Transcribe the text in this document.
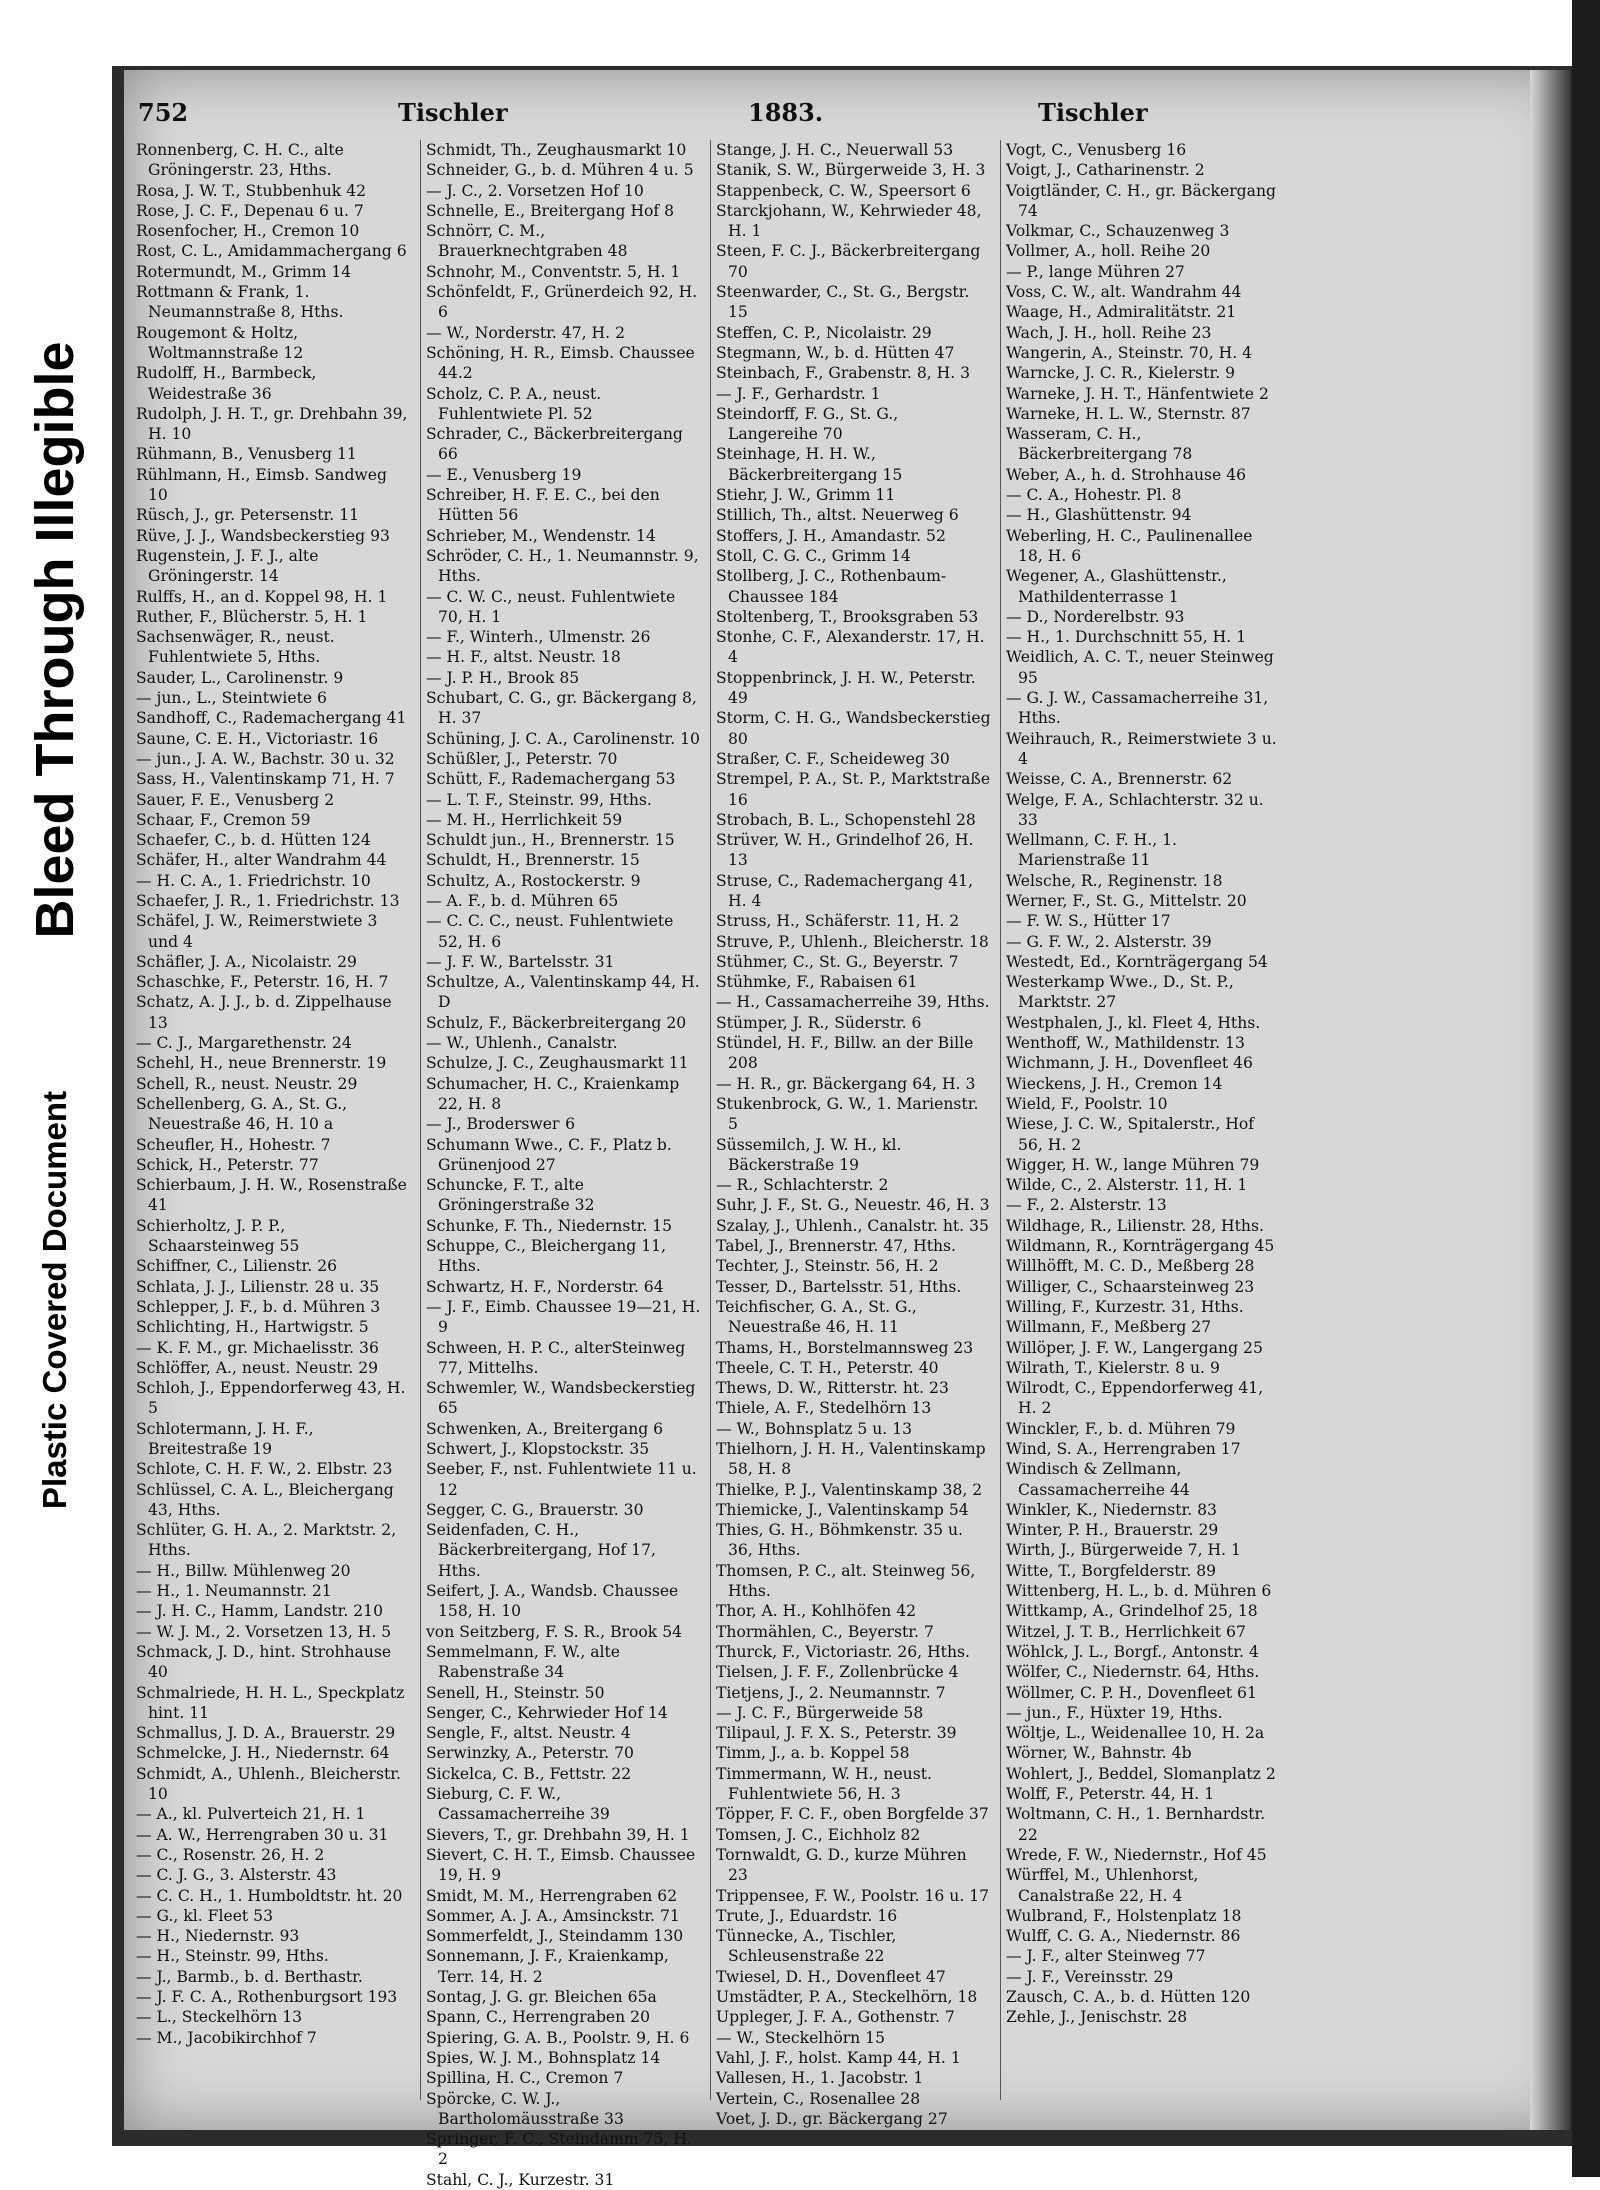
Bleed Through Illegible
Plastic Covered Document
752	Tischler	1883.	Tischler

Ronnenberg, C. H. C., alte Gröningerstr. 23, Hths.

Rosa, J. W. T., Stubbenhuk 42

Rose, J. C. F., Depenau 6 u. 7

Rosenfocher, H., Cremon 10

Rost, C. L., Amidammachergang 6

Rotermundt, M., Grimm 14

Rottmann & Frank, 1. Neumannstraße 8, Hths.

Rougemont & Holtz, Woltmannstraße 12

Rudolff, H., Barmbeck, Weidestraße 36

Rudolph, J. H. T., gr. Drehbahn 39, H. 10

Rühmann, B., Venusberg 11

Rühlmann, H., Eimsb. Sandweg 10

Rüsch, J., gr. Petersenstr. 11

Rüve, J. J., Wandsbeckerstieg 93

Rugenstein, J. F. J., alte Gröningerstr. 14

Rulffs, H., an d. Koppel 98, H. 1

Ruther, F., Blücherstr. 5, H. 1

Sachsenwäger, R., neust. Fuhlentwiete 5, Hths.

Sauder, L., Carolinenstr. 9

— jun., L., Steintwiete 6

Sandhoff, C., Rademachergang 41

Saune, C. E. H., Victoriastr. 16

— jun., J. A. W., Bachstr. 30 u. 32

Sass, H., Valentinskamp 71, H. 7

Sauer, F. E., Venusberg 2

Schaar, F., Cremon 59

Schaefer, C., b. d. Hütten 124

Schäfer, H., alter Wandrahm 44

— H. C. A., 1. Friedrichstr. 10

Schaefer, J. R., 1. Friedrichstr. 13

Schäfel, J. W., Reimerstwiete 3 und 4

Schäfler, J. A., Nicolaistr. 29

Schaschke, F., Peterstr. 16, H. 7

Schatz, A. J. J., b. d. Zippelhause 13

— C. J., Margarethenstr. 24

Schehl, H., neue Brennerstr. 19

Schell, R., neust. Neustr. 29

Schellenberg, G. A., St. G., Neuestraße 46, H. 10 a

Scheufler, H., Hohestr. 7

Schick, H., Peterstr. 77

Schierbaum, J. H. W., Rosenstraße 41

Schierholtz, J. P. P., Schaarsteinweg 55

Schiffner, C., Lilienstr. 26

Schlata, J. J., Lilienstr. 28 u. 35

Schlepper, J. F., b. d. Mühren 3

Schlichting, H., Hartwigstr. 5

— K. F. M., gr. Michaelisstr. 36

Schlöffer, A., neust. Neustr. 29

Schloh, J., Eppendorferweg 43, H. 5

Schlotermann, J. H. F., Breitestraße 19

Schlote, C. H. F. W., 2. Elbstr. 23

Schlüssel, C. A. L., Bleichergang 43, Hths.

Schlüter, G. H. A., 2. Marktstr. 2, Hths.

— H., Billw. Mühlenweg 20

— H., 1. Neumannstr. 21

— J. H. C., Hamm, Landstr. 210

— W. J. M., 2. Vorsetzen 13, H. 5

Schmack, J. D., hint. Strohhause 40

Schmalriede, H. H. L., Speckplatz hint. 11

Schmallus, J. D. A., Brauerstr. 29

Schmelcke, J. H., Niedernstr. 64

Schmidt, A., Uhlenh., Bleicherstr. 10

— A., kl. Pulverteich 21, H. 1

— A. W., Herrengraben 30 u. 31

— C., Rosenstr. 26, H. 2

— C. J. G., 3. Alsterstr. 43

— C. C. H., 1. Humboldtstr. ht. 20

— G., kl. Fleet 53

— H., Niedernstr. 93

— H., Steinstr. 99, Hths.

— J., Barmb., b. d. Berthastr.

— J. F. C. A., Rothenburgsort 193

— L., Steckelhörn 13

— M., Jacobikirchhof 7

Schmidt, Th., Zeughausmarkt 10

Schneider, G., b. d. Mühren 4 u. 5

— J. C., 2. Vorsetzen Hof 10

Schnelle, E., Breitergang Hof 8

Schnörr, C. M., Brauerknechtgraben 48

Schnohr, M., Conventstr. 5, H. 1

Schönfeldt, F., Grünerdeich 92, H. 6

— W., Norderstr. 47, H. 2

Schöning, H. R., Eimsb. Chaussee 44.2

Scholz, C. P. A., neust. Fuhlentwiete Pl. 52

Schrader, C., Bäckerbreitergang 66

— E., Venusberg 19

Schreiber, H. F. E. C., bei den Hütten 56

Schrieber, M., Wendenstr. 14

Schröder, C. H., 1. Neumannstr. 9, Hths.

— C. W. C., neust. Fuhlentwiete 70, H. 1

— F., Winterh., Ulmenstr. 26

— H. F., altst. Neustr. 18

— J. P. H., Brook 85

Schubart, C. G., gr. Bäckergang 8, H. 37

Schüning, J. C. A., Carolinenstr. 10

Schüßler, J., Peterstr. 70

Schütt, F., Rademachergang 53

— L. T. F., Steinstr. 99, Hths.

— M. H., Herrlichkeit 59

Schuldt jun., H., Brennerstr. 15

Schuldt, H., Brennerstr. 15

Schultz, A., Rostockerstr. 9

— A. F., b. d. Mühren 65

— C. C. C., neust. Fuhlentwiete 52, H. 6

— J. F. W., Bartelsstr. 31

Schultze, A., Valentinskamp 44, H. D

Schulz, F., Bäckerbreitergang 20

— W., Uhlenh., Canalstr.

Schulze, J. C., Zeughausmarkt 11

Schumacher, H. C., Kraienkamp 22, H. 8

— J., Broderswег 6

Schumann Wwe., C. F., Platz b. Grünenjood 27

Schuncke, F. T., alte Gröningerstraße 32

Schunke, F. Th., Niedernstr. 15

Schuppe, C., Bleichergang 11, Hths.

Schwartz, H. F., Norderstr. 64

— J. F., Eimb. Chaussee 19—21, H. 9

Schween, H. P. C., alterSteinweg 77, Mittelhs.

Schwemler, W., Wandsbeckerstieg 65

Schwenken, A., Breitergang 6

Schwert, J., Klopstockstr. 35

Seeber, F., nst. Fuhlentwiete 11 u. 12

Segger, C. G., Brauerstr. 30

Seidenfaden, C. H., Bäckerbreitergang, Hof 17, Hths.

Seifert, J. A., Wandsb. Chaussee 158, H. 10

von Seitzberg, F. S. R., Brook 54

Semmelmann, F. W., alte Rabenstraße 34

Senell, H., Steinstr. 50

Senger, C., Kehrwieder Hof 14

Sengle, F., altst. Neustr. 4

Serwinzky, A., Peterstr. 70

Sickelca, C. B., Fettstr. 22

Sieburg, C. F. W., Cassamacherreihe 39

Sievers, T., gr. Drehbahn 39, H. 1

Sievert, C. H. T., Eimsb. Chaussee 19, H. 9

Smidt, M. M., Herrengraben 62

Sommer, A. J. A., Amsinckstr. 71

Sommerfeldt, J., Steindamm 130

Sonnemann, J. F., Kraienkamp, Terr. 14, H. 2

Sontag, J. G. gr. Bleichen 65a

Spann, C., Herrengraben 20

Spiering, G. A. B., Poolstr. 9, H. 6

Spies, W. J. M., Bohnsplatz 14

Spillina, H. C., Cremon 7

Spörcke, C. W. J., Bartholomäusstraße 33

Springer, F. C., Steindamm 75, H. 2

Stahl, C. J., Kurzestr. 31

Stange, J. H. C., Neuerwall 53

Stanik, S. W., Bürgerweide 3, H. 3

Stappenbeck, C. W., Speersort 6

Starckjohann, W., Kehrwieder 48, H. 1

Steen, F. C. J., Bäckerbreitergang 70

Steenwarder, C., St. G., Bergstr. 15

Steffen, C. P., Nicolaistr. 29

Stegmann, W., b. d. Hütten 47

Steinbach, F., Grabenstr. 8, H. 3

— J. F., Gerhardstr. 1

Steindorff, F. G., St. G., Langereihe 70

Steinhage, H. H. W., Bäckerbreitergang 15

Stiehr, J. W., Grimm 11

Stillich, Th., altst. Neuerweg 6

Stoffers, J. H., Amandastr. 52

Stoll, C. G. C., Grimm 14

Stollberg, J. C., Rothenbaum-Chaussee 184

Stoltenberg, T., Brooksgraben 53

Stonhe, C. F., Alexanderstr. 17, H. 4

Stoppenbrinck, J. H. W., Peterstr. 49

Storm, C. H. G., Wandsbeckerstieg 80

Straßer, C. F., Scheideweg 30

Strempel, P. A., St. P., Marktstraße 16

Strobach, B. L., Schopenstehl 28

Strüver, W. H., Grindelhof 26, H. 13

Struse, C., Rademachergang 41, H. 4

Struss, H., Schäferstr. 11, H. 2

Struve, P., Uhlenh., Bleicherstr. 18

Stühmer, C., St. G., Beyerstr. 7

Stühmke, F., Rabaisen 61

— H., Cassamacherreihe 39, Hths.

Stümper, J. R., Süderstr. 6

Stündel, H. F., Billw. an der Bille 208

— H. R., gr. Bäckergang 64, H. 3

Stukenbrock, G. W., 1. Marienstr. 5

Süssemilch, J. W. H., kl. Bäckerstraße 19

— R., Schlachterstr. 2

Suhr, J. F., St. G., Neuestr. 46, H. 3

Szalay, J., Uhlenh., Canalstr. ht. 35

Tabel, J., Brennerstr. 47, Hths.

Techter, J., Steinstr. 56, H. 2

Tesser, D., Bartelsstr. 51, Hths.

Teichfischer, G. A., St. G., Neuestraße 46, H. 11

Thams, H., Borstelmannsweg 23

Theele, C. T. H., Peterstr. 40

Thews, D. W., Ritterstr. ht. 23

Thiele, A. F., Stedelhörn 13

— W., Bohnsplatz 5 u. 13

Thielhorn, J. H. H., Valentinskamp 58, H. 8

Thielke, P. J., Valentinskamp 38, 2

Thiemicke, J., Valentinskamp 54

Thies, G. H., Böhmkenstr. 35 u. 36, Hths.

Thomsen, P. C., alt. Steinweg 56, Hths.

Thor, A. H., Kohlhöfen 42

Thormählen, C., Beyerstr. 7

Thurck, F., Victoriastr. 26, Hths.

Tielsen, J. F. F., Zollenbrücke 4

Tietjens, J., 2. Neumannstr. 7

— J. C. F., Bürgerweide 58

Tilipaul, J. F. X. S., Peterstr. 39

Timm, J., a. b. Koppel 58

Timmermann, W. H., neust. Fuhlentwiete 56, H. 3

Töpper, F. C. F., oben Borgfelde 37

Tomsen, J. C., Eichholz 82

Tornwaldt, G. D., kurze Mühren 23

Trippensee, F. W., Poolstr. 16 u. 17

Trute, J., Eduardstr. 16

Tünnecke, A., Tischler, Schleusenstraße 22

Twiesel, D. H., Dovenfleet 47

Umstädter, P. A., Steckelhörn, 18

Uppleger, J. F. A., Gothenstr. 7

— W., Steckelhörn 15

Vahl, J. F., holst. Kamp 44, H. 1

Vallesen, H., 1. Jacobstr. 1

Vertein, C., Rosenallee 28

Voet, J. D., gr. Bäckergang 27

Vogt, C., Venusberg 16

Voigt, J., Catharinenstr. 2

Voigtländer, C. H., gr. Bäckergang 74

Volkmar, C., Schauzenweg 3

Vollmer, A., holl. Reihe 20

— P., lange Mühren 27

Voss, C. W., alt. Wandrahm 44

Waage, H., Admiralitätstr. 21

Wach, J. H., holl. Reihe 23

Wangerin, A., Steinstr. 70, H. 4

Warncke, J. C. R., Kielerstr. 9

Warneke, J. H. T., Hänfentwiete 2

Warneke, H. L. W., Sternstr. 87

Wasseram, C. H., Bäckerbreitergang 78

Weber, A., h. d. Strohhause 46

— C. A., Hohestr. Pl. 8

— H., Glashüttenstr. 94

Weberling, H. C., Paulinenallee 18, H. 6

Wegener, A., Glashüttenstr., Mathildenterrasse 1

— D., Norderelbstr. 93

— H., 1. Durchschnitt 55, H. 1

Weidlich, A. C. T., neuer Steinweg 95

— G. J. W., Cassamacherreihe 31, Hths.

Weihrauch, R., Reimerstwiete 3 u. 4

Weisse, C. A., Brennerstr. 62

Welge, F. A., Schlachterstr. 32 u. 33

Wellmann, C. F. H., 1. Marienstraße 11

Welsche, R., Reginenstr. 18

Werner, F., St. G., Mittelstr. 20

— F. W. S., Hütter 17

— G. F. W., 2. Alsterstr. 39

Westedt, Ed., Kornträgergang 54

Westerkamp Wwe., D., St. P., Marktstr. 27

Westphalen, J., kl. Fleet 4, Hths.

Wenthoff, W., Mathildenstr. 13

Wichmann, J. H., Dovenfleet 46

Wieckens, J. H., Cremon 14

Wield, F., Poolstr. 10

Wiese, J. C. W., Spitalerstr., Hof 56, H. 2

Wigger, H. W., lange Mühren 79

Wilde, C., 2. Alsterstr. 11, H. 1

— F., 2. Alsterstr. 13

Wildhage, R., Lilienstr. 28, Hths.

Wildmann, R., Kornträgergang 45

Willhöfft, M. C. D., Meßberg 28

Williger, C., Schaarsteinweg 23

Willing, F., Kurzestr. 31, Hths.

Willmann, F., Meßberg 27

Willöper, J. F. W., Langergang 25

Wilrath, T., Kielerstr. 8 u. 9

Wilrodt, C., Eppendorferweg 41, H. 2

Winckler, F., b. d. Mühren 79

Wind, S. A., Herrengraben 17

Windisch & Zellmann, Cassamacherreihe 44

Winkler, K., Niedernstr. 83

Winter, P. H., Brauerstr. 29

Wirth, J., Bürgerweide 7, H. 1

Witte, T., Borgfelderstr. 89

Wittenberg, H. L., b. d. Mühren 6

Wittkamp, A., Grindelhof 25, 18

Witzel, J. T. B., Herrlichkeit 67

Wöhlck, J. L., Borgf., Antonstr. 4

Wölfer, C., Niedernstr. 64, Hths.

Wöllmer, C. P. H., Dovenfleet 61

— jun., F., Hüxter 19, Hths.

Wöltje, L., Weidenallee 10, H. 2a

Wörner, W., Bahnstr. 4b

Wohlert, J., Beddel, Slomanplatz 2

Wolff, F., Peterstr. 44, H. 1

Woltmann, C. H., 1. Bernhardstr. 22

Wrede, F. W., Niedernstr., Hof 45

Würffel, M., Uhlenhorst, Canalstraße 22, H. 4

Wulbrand, F., Holstenplatz 18

Wulff, C. G. A., Niedernstr. 86

— J. F., alter Steinweg 77

— J. F., Vereinsstr. 29

Zausch, C. A., b. d. Hütten 120

Zehle, J., Jenischstr. 28
